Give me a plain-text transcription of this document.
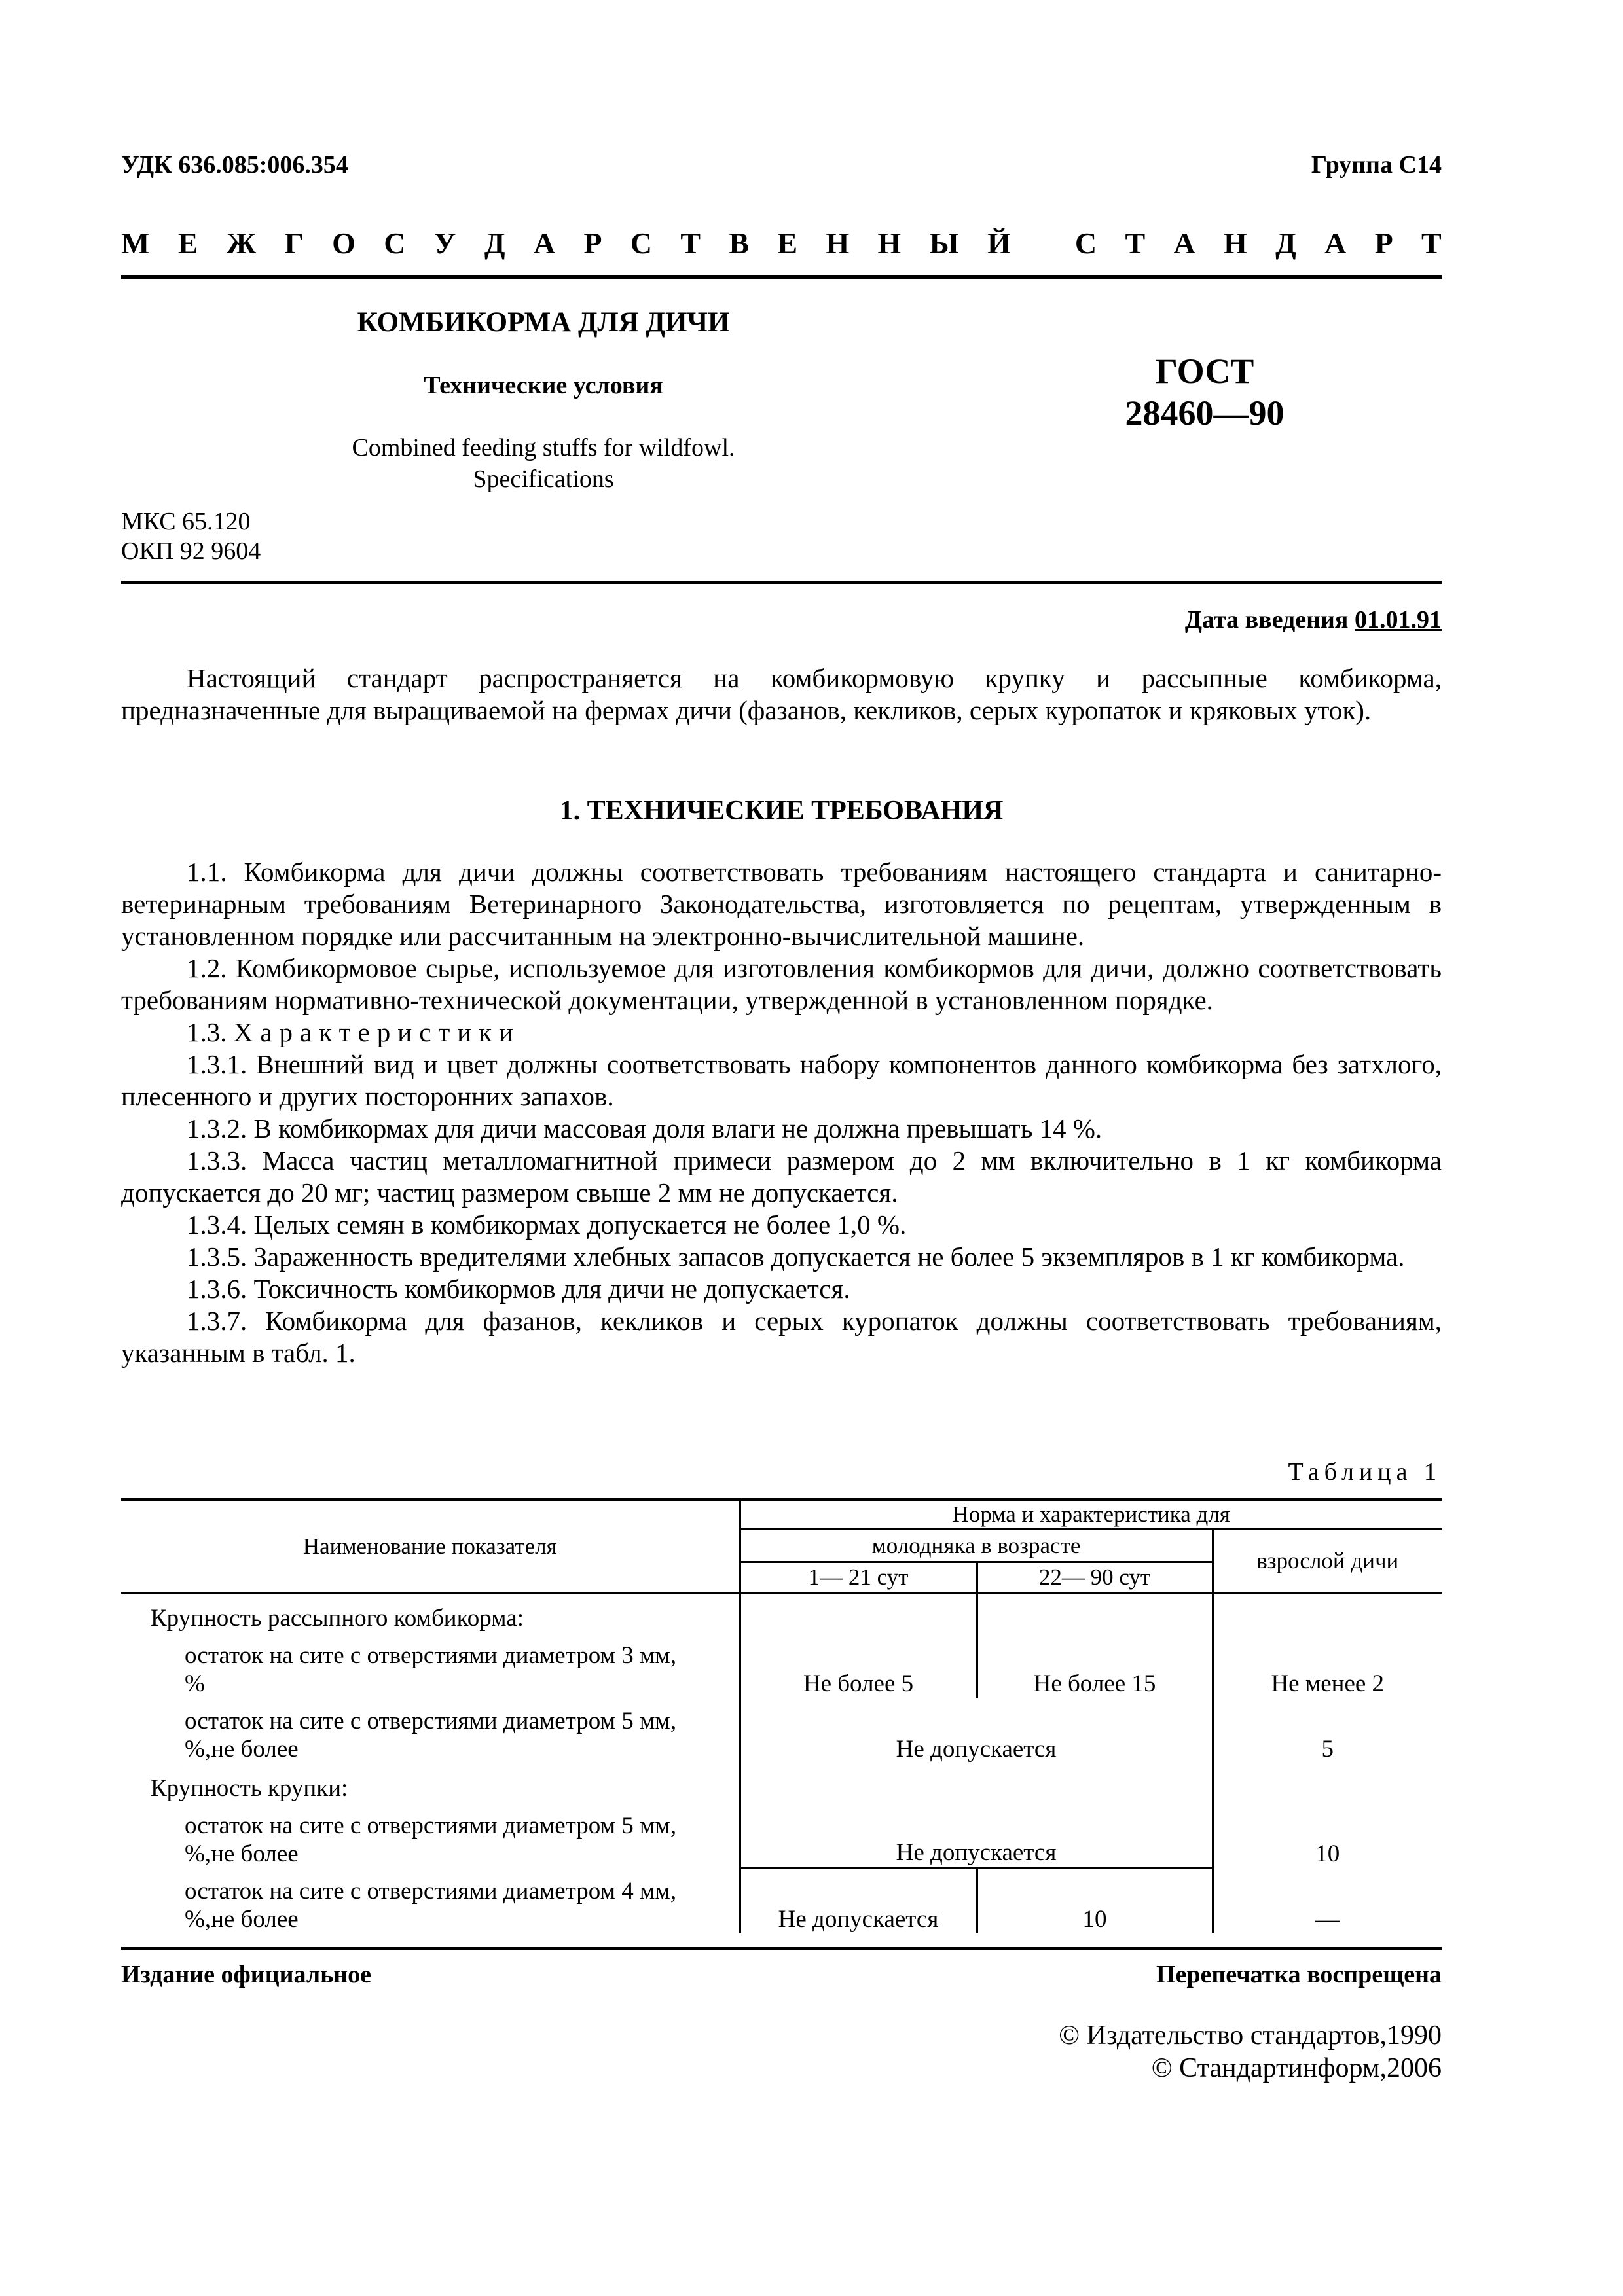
УДК 636.085:006.354	Группа С14
М Е Ж Г О С У Д А Р С Т В Е Н Н Ы Й
С Т А Н Д А Р Т
КОМБИКОРМА ДЛЯ ДИЧИ
Технические условия
Combined feeding stuffs for wildfowl.
Specifications
ГОСТ
28460—90
МКС 65.120
ОКП 92 9604
Дата введения 01.01.91

Настоящий стандарт распространяется на комбикормовую крупку и рассыпные комбикорма, предназначенные для выращиваемой на фермах дичи (фазанов, кекликов, серых куропаток и кряковых уток).

1. ТЕХНИЧЕСКИЕ ТРЕБОВАНИЯ

1.1. Комбикорма для дичи должны соответствовать требованиям настоящего стандарта и санитарно-ветеринарным требованиям Ветеринарного Законодательства, изготовляется по рецептам, утвержденным в установленном порядке или рассчитанным на электронно-вычислительной машине.

1.2. Комбикормовое сырье, используемое для изготовления комбикормов для дичи, должно соответствовать требованиям нормативно-технической документации, утвержденной в установленном порядке.

1.3. Характеристики

1.3.1. Внешний вид и цвет должны соответствовать набору компонентов данного комбикорма без затхлого, плесенного и других посторонних запахов.

1.3.2. В комбикормах для дичи массовая доля влаги не должна превышать 14 %.

1.3.3. Масса частиц металломагнитной примеси размером до 2 мм включительно в 1 кг комбикорма допускается до 20 мг; частиц размером свыше 2 мм не допускается.

1.3.4. Целых семян в комбикормах допускается не более 1,0 %.

1.3.5. Зараженность вредителями хлебных запасов допускается не более 5 экземпляров в 1 кг комбикорма.

1.3.6. Токсичность комбикормов для дичи не допускается.

1.3.7. Комбикорма для фазанов, кекликов и серых куропаток должны соответствовать требованиям, указанным в табл. 1.

Таблица 1
Наименование показателя	Норма и характеристика для		
	молодняка в возрасте		взрослой дичи
	1— 21 сут	22— 90 сут	
Крупность рассыпного комбикорма:			

остаток на сите с отверстиями диаметром 3 мм,
%	Не более 5	Не более 15	Не менее 2

остаток на сите с отверстиями диаметром 5 мм,
%,не более	Не допускается		5
Крупность крупки:			

остаток на сите с отверстиями диаметром 5 мм,
%,не более	Не допускается		10

остаток на сите с отверстиями диаметром 4 мм,
%,не более	Не допускается	10	—
Издание официальное	Перепечатка воспрещена
© Издательство стандартов,1990
© Стандартинформ,2006
